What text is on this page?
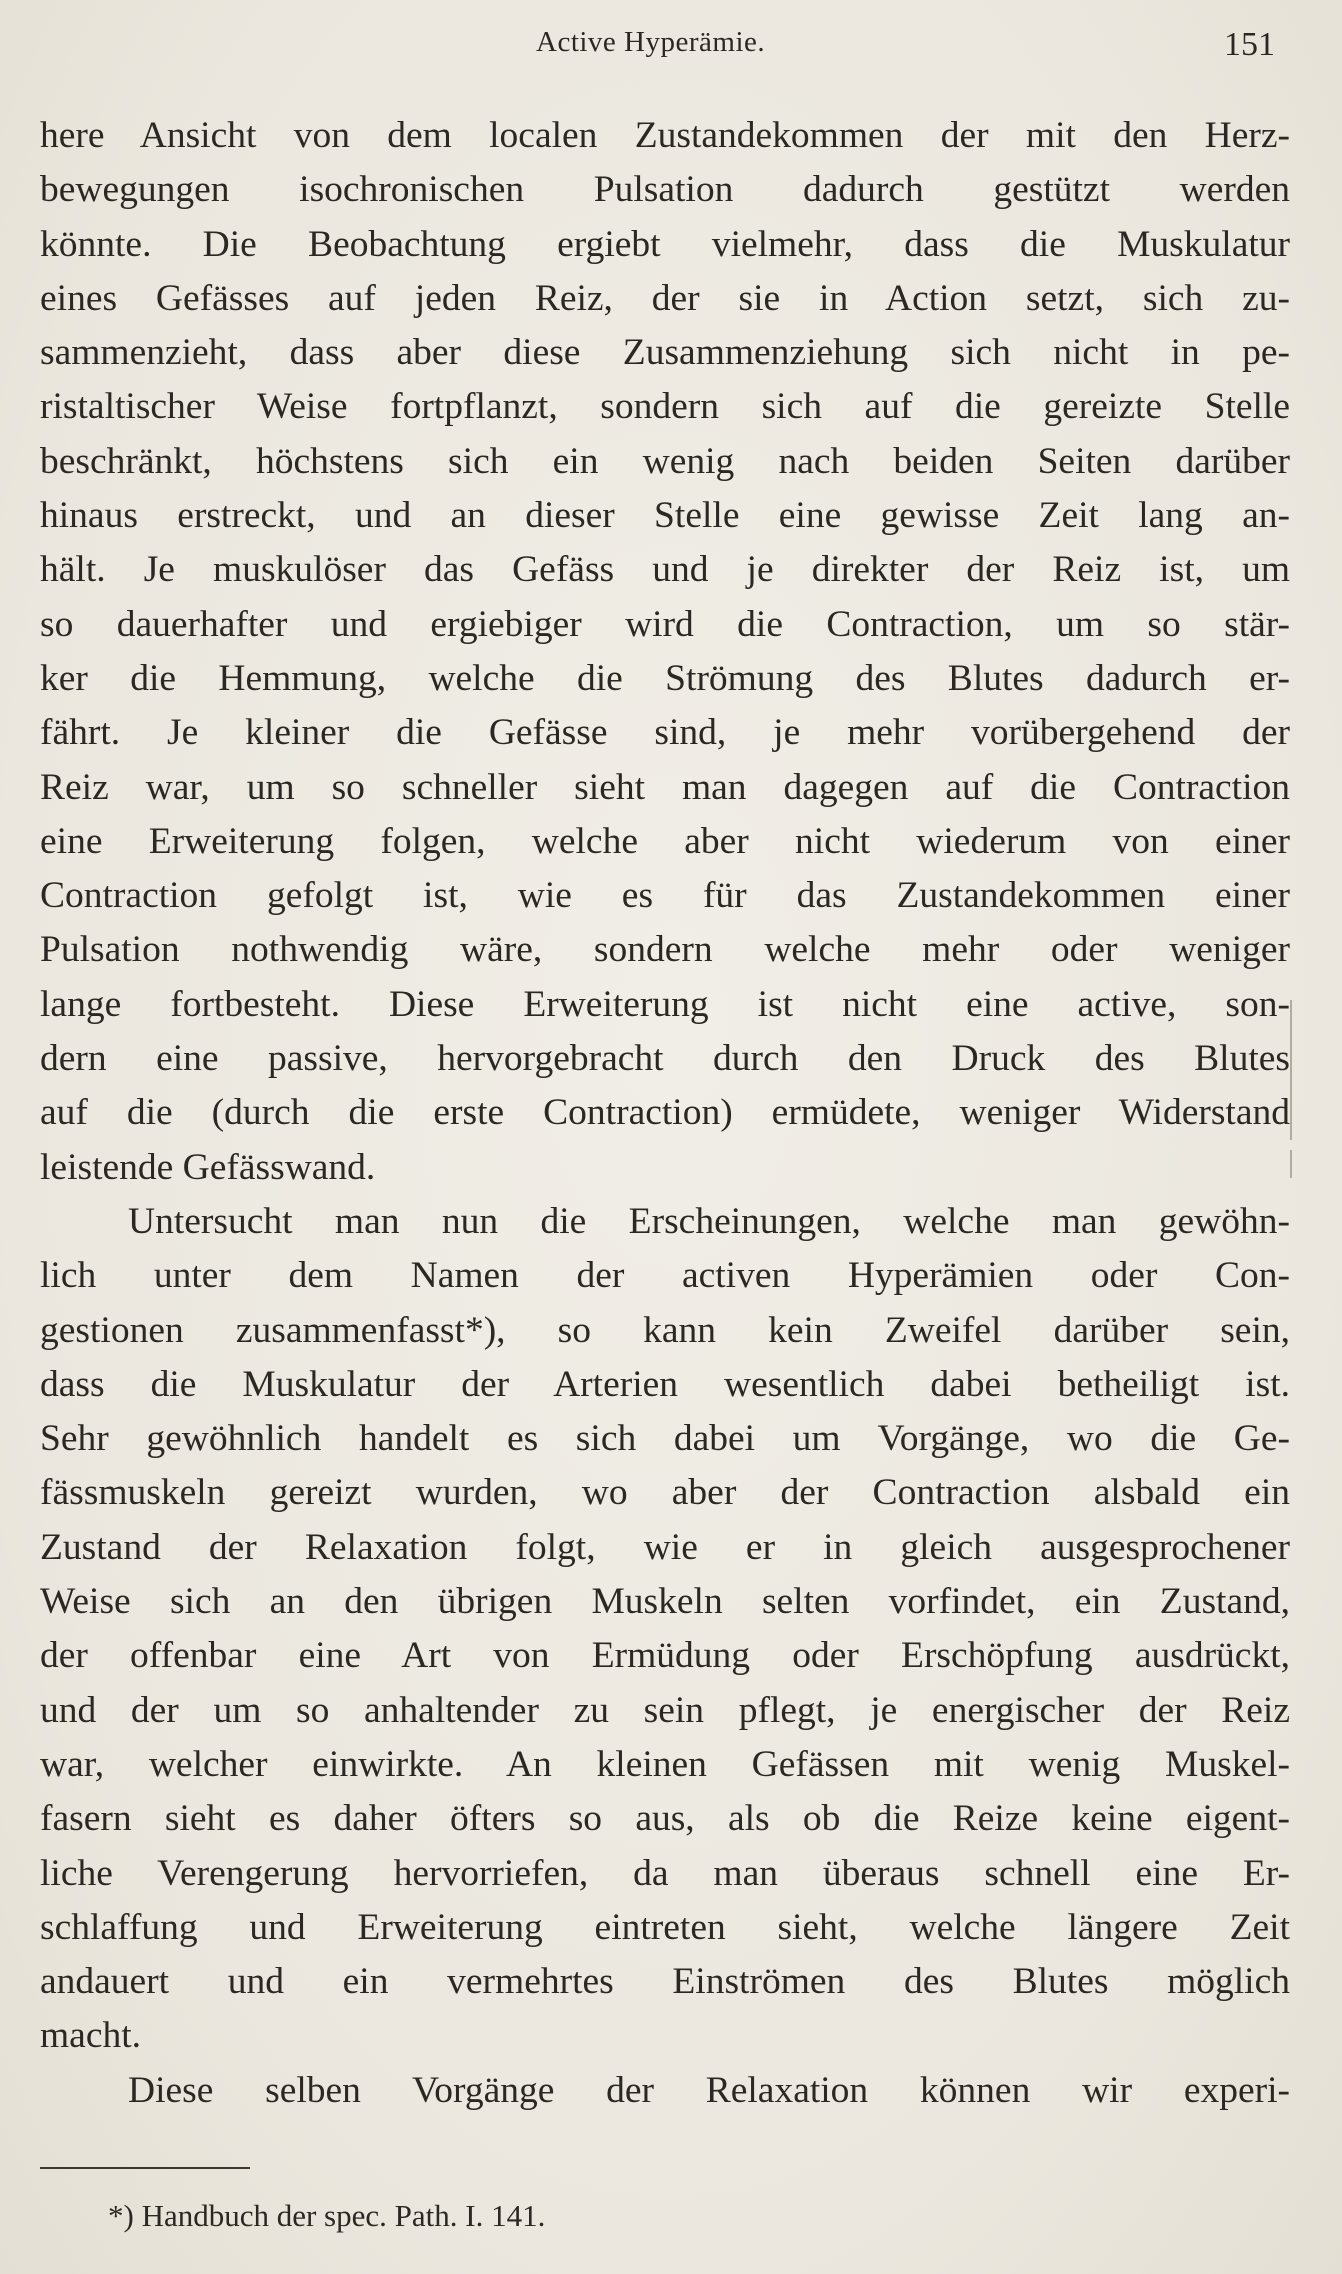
Active Hyperämie.	151
here Ansicht von dem localen Zustandekommen der mit den Herz-
bewegungen isochronischen Pulsation dadurch gestützt werden
könnte. Die Beobachtung ergiebt vielmehr, dass die Muskulatur
eines Gefässes auf jeden Reiz, der sie in Action setzt, sich zu-
sammenzieht, dass aber diese Zusammenziehung sich nicht in pe-
ristaltischer Weise fortpflanzt, sondern sich auf die gereizte Stelle
beschränkt, höchstens sich ein wenig nach beiden Seiten darüber
hinaus erstreckt, und an dieser Stelle eine gewisse Zeit lang an-
hält. Je muskulöser das Gefäss und je direkter der Reiz ist, um
so dauerhafter und ergiebiger wird die Contraction, um so stär-
ker die Hemmung, welche die Strömung des Blutes dadurch er-
fährt. Je kleiner die Gefässe sind, je mehr vorübergehend der
Reiz war, um so schneller sieht man dagegen auf die Contraction
eine Erweiterung folgen, welche aber nicht wiederum von einer
Contraction gefolgt ist, wie es für das Zustandekommen einer
Pulsation nothwendig wäre, sondern welche mehr oder weniger
lange fortbesteht. Diese Erweiterung ist nicht eine active, son-
dern eine passive, hervorgebracht durch den Druck des Blutes
auf die (durch die erste Contraction) ermüdete, weniger Widerstand
leistende Gefässwand.
Untersucht man nun die Erscheinungen, welche man gewöhn-
lich unter dem Namen der activen Hyperämien oder Con-
gestionen zusammenfasst*), so kann kein Zweifel darüber sein,
dass die Muskulatur der Arterien wesentlich dabei betheiligt ist.
Sehr gewöhnlich handelt es sich dabei um Vorgänge, wo die Ge-
fässmuskeln gereizt wurden, wo aber der Contraction alsbald ein
Zustand der Relaxation folgt, wie er in gleich ausgesprochener
Weise sich an den übrigen Muskeln selten vorfindet, ein Zustand,
der offenbar eine Art von Ermüdung oder Erschöpfung ausdrückt,
und der um so anhaltender zu sein pflegt, je energischer der Reiz
war, welcher einwirkte. An kleinen Gefässen mit wenig Muskel-
fasern sieht es daher öfters so aus, als ob die Reize keine eigent-
liche Verengerung hervorriefen, da man überaus schnell eine Er-
schlaffung und Erweiterung eintreten sieht, welche längere Zeit
andauert und ein vermehrtes Einströmen des Blutes möglich
macht.
Diese selben Vorgänge der Relaxation können wir experi-
*) Handbuch der spec. Path. I. 141.
